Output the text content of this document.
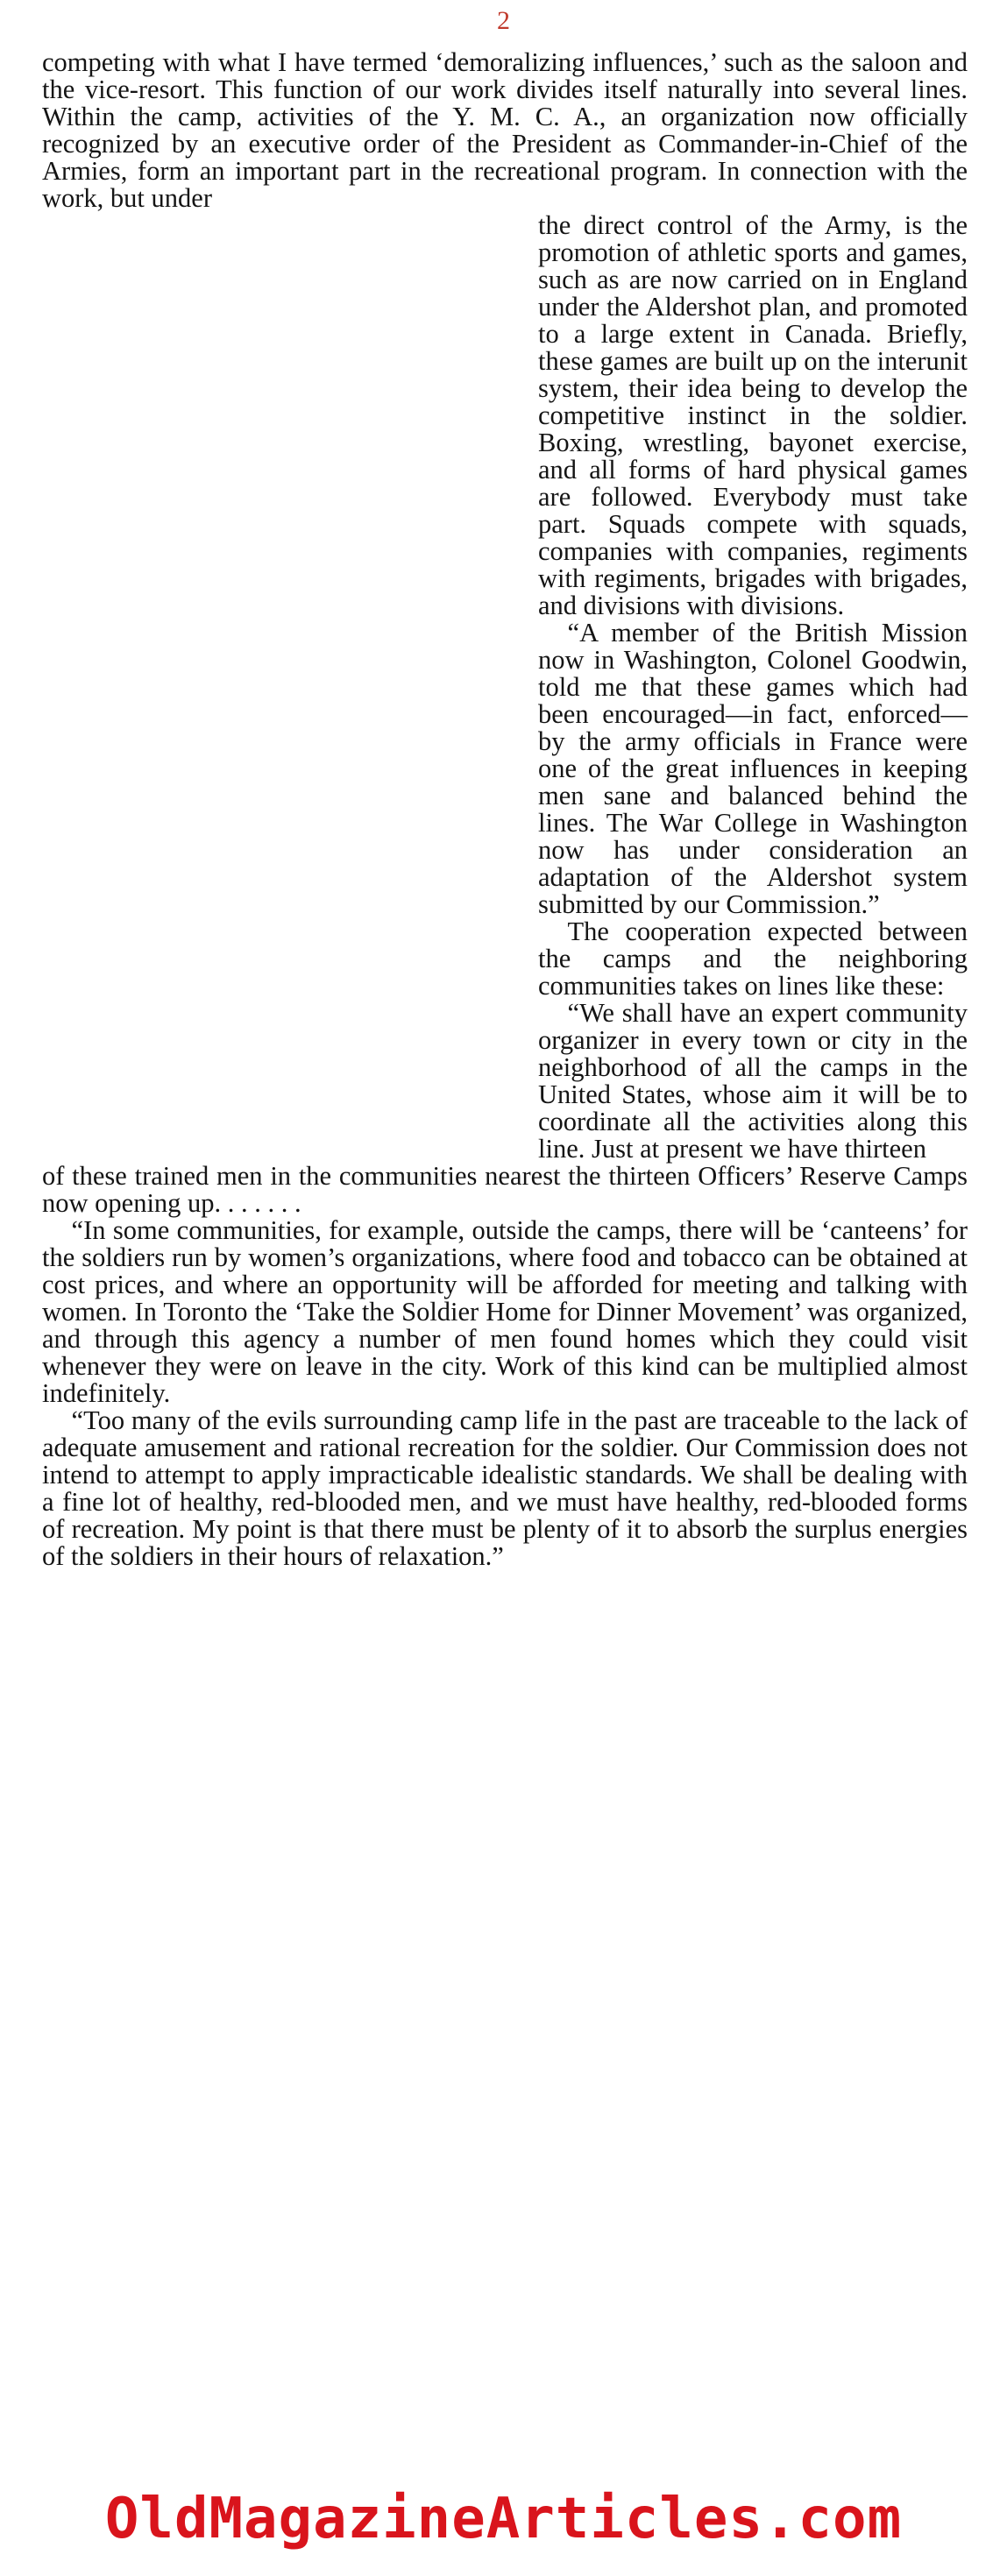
2

competing with what I have termed ‘demoralizing influences,’ such as the saloon and the vice-resort. This function of our work divides itself naturally into several lines. Within the camp, activities of the Y. M. C. A., an organization now officially recognized by an executive order of the President as Commander-in-Chief of the Armies, form an important part in the recreational program. In connection with the work, but under

the direct control of the Army, is the promotion of athletic sports and games, such as are now carried on in England under the Aldershot plan, and promoted to a large extent in Canada. Briefly, these games are built up on the interunit system, their idea being to develop the competitive instinct in the soldier. Boxing, wrestling, bayonet exercise, and all forms of hard physical games are followed. Everybody must take part. Squads compete with squads, companies with companies, regiments with regiments, brigades with brigades, and divisions with divisions.

“A member of the British Mission now in Washington, Colonel Goodwin, told me that these games which had been encouraged—in fact, enforced—by the army officials in France were one of the great influences in keeping men sane and balanced behind the lines. The War College in Washington now has under consideration an adaptation of the Aldershot system submitted by our Commission.”

The cooperation expected between the camps and the neighboring communities takes on lines like these:

“We shall have an expert community organizer in every town or city in the neighborhood of all the camps in the United States, whose aim it will be to coordinate all the activities along this line. Just at present we have thirteen

of these trained men in the communities nearest the thirteen Officers’ Reserve Camps now opening up. . . . . . .

“In some communities, for example, outside the camps, there will be ‘canteens’ for the soldiers run by women’s organizations, where food and tobacco can be obtained at cost prices, and where an opportunity will be afforded for meeting and talking with women. In Toronto the ‘Take the Soldier Home for Dinner Movement’ was organized, and through this agency a number of men found homes which they could visit whenever they were on leave in the city. Work of this kind can be multiplied almost indefinitely.

“Too many of the evils surrounding camp life in the past are traceable to the lack of adequate amusement and rational recreation for the soldier. Our Commission does not intend to attempt to apply impracticable idealistic standards. We shall be dealing with a fine lot of healthy, red-blooded men, and we must have healthy, red-blooded forms of recreation. My point is that there must be plenty of it to absorb the surplus energies of the soldiers in their hours of relaxation.”

OldMagazineArticles.com
